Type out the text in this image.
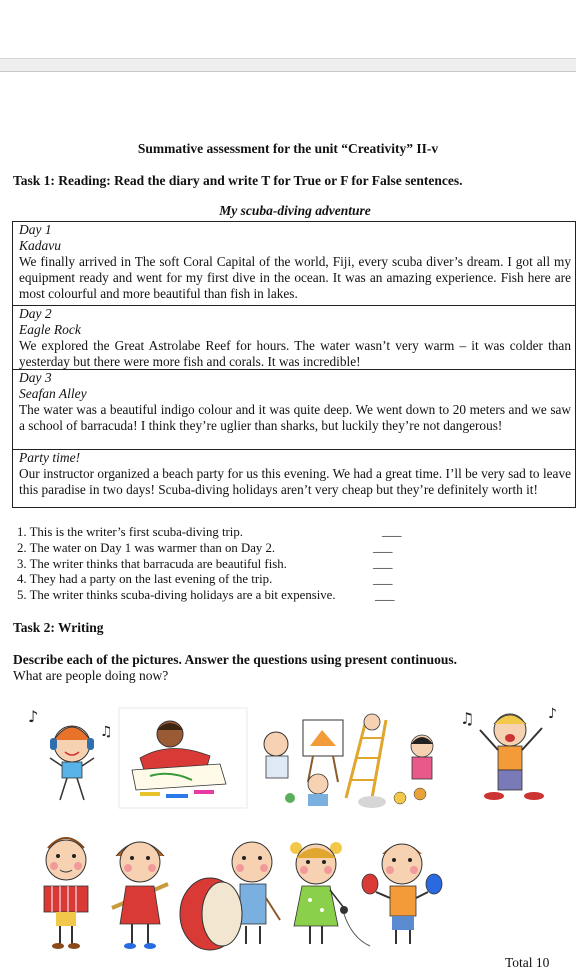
Summative assessment for the unit “Creativity” II-v
Task 1: Reading: Read the diary and write T for True or F for False sentences.
My scuba-diving adventure
Day 1
Kadavu
We finally arrived in The soft Coral Capital of the world, Fiji, every scuba diver’s dream. I got all my equipment ready and went for my first dive in the ocean. It was an amazing experience. Fish here are most colourful and more beautiful than fish in lakes.
Day 2
Eagle Rock
We explored the Great Astrolabe Reef for hours. The water wasn’t very warm – it was colder than yesterday but there were more fish and corals. It was incredible!
Day 3
Seafan Alley
The water was a beautiful indigo colour and it was quite deep. We went down to 20 meters and we saw a school of barracuda! I think they’re uglier than sharks, but luckily they’re not dangerous!
Party time!
Our instructor organized a beach party for us this evening. We had a great time. I’ll be very sad to leave this paradise in two days! Scuba-diving holidays aren’t very cheap but they’re definitely worth it!
1. This is the writer’s first scuba-diving trip.	___
2. The water on Day 1 was warmer than on Day 2.	___
3. The writer thinks that barracuda are beautiful fish.	___
4. They had a party on the last evening of the trip.	___
5. The writer thinks scuba-diving holidays are a bit expensive.	___
Task 2: Writing
Describe each of the pictures. Answer the questions using present continuous.
What are people doing now?
♪
♫
♫	♪
Total 10
